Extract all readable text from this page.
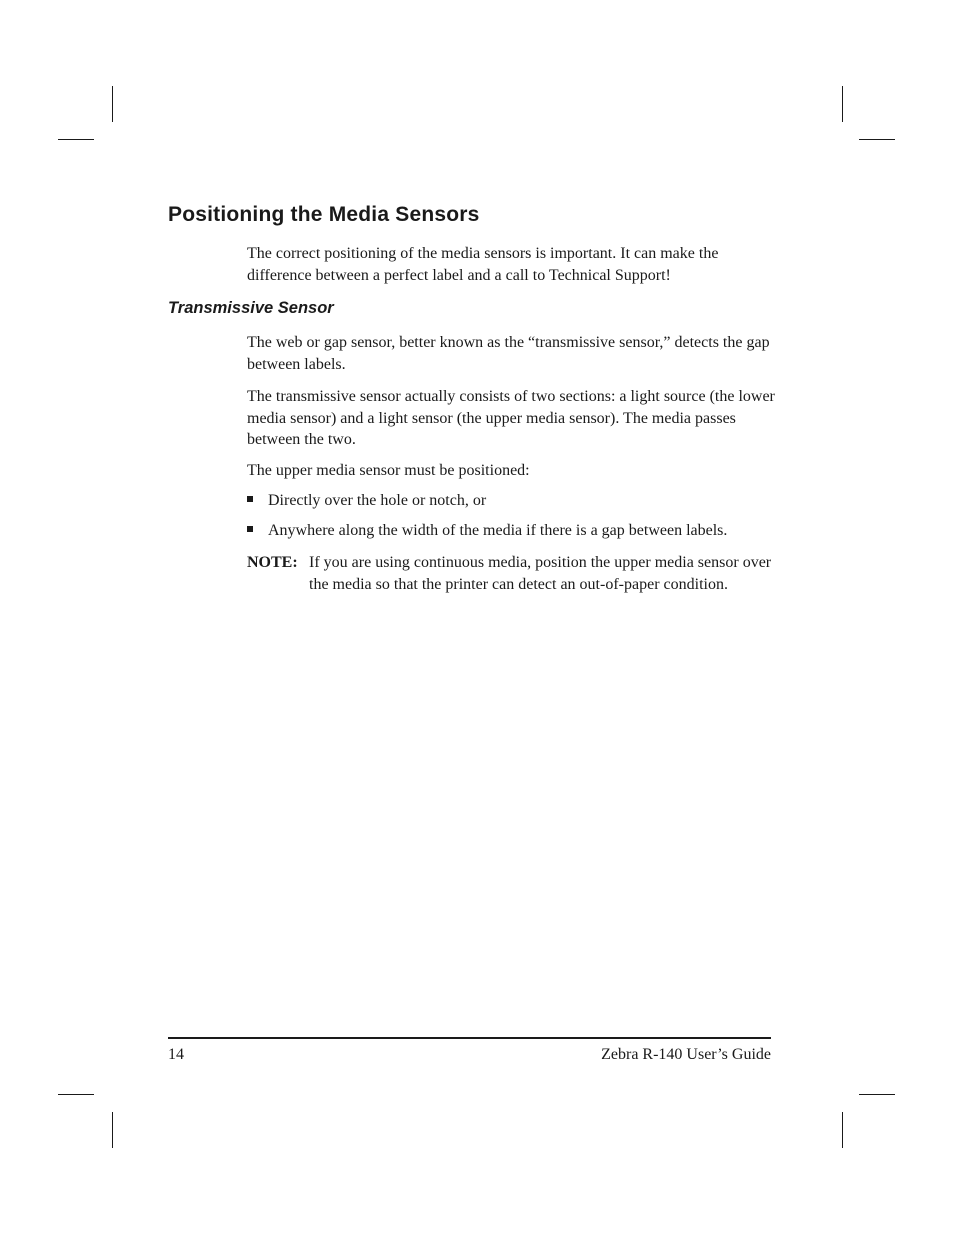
Positioning the Media Sensors

The correct positioning of the media sensors is important. It can make the difference between a perfect label and a call to Technical Support!

Transmissive Sensor

The web or gap sensor, better known as the “transmissive sensor,” detects the gap between labels.

The transmissive sensor actually consists of two sections: a light source (the lower media sensor) and a light sensor (the upper media sensor). The media passes between the two.

The upper media sensor must be positioned:

Directly over the hole or notch, or

Anywhere along the width of the media if there is a gap between labels.

NOTE: If you are using continuous media, position the upper media sensor over the media so that the printer can detect an out-of-paper condition.
14	Zebra R-140 User’s Guide
